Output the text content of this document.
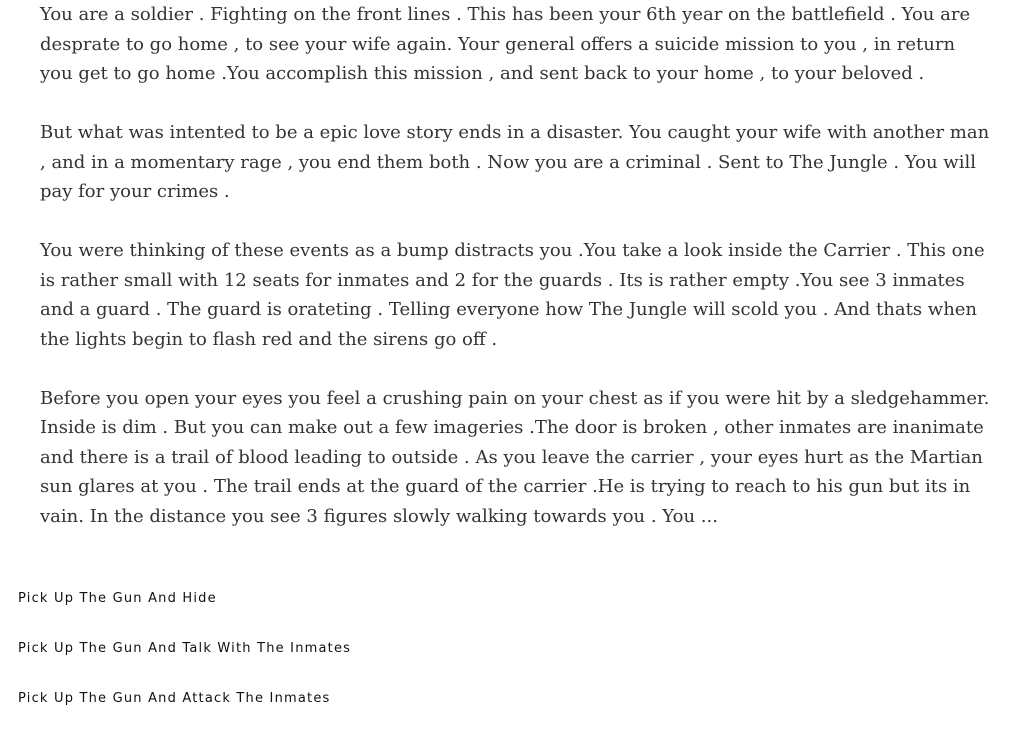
You are a soldier . Fighting on the front lines . This has been your 6th year on the battlefield . You are desprate to go home , to see your wife again. Your general offers a suicide mission to you , in return you get to go home .You accomplish this mission , and sent back to your home , to your beloved .

But what was intented to be a epic love story ends in a disaster. You caught your wife with another man , and in a momentary rage , you end them both . Now you are a criminal . Sent to The Jungle . You will pay for your crimes .

You were thinking of these events as a bump distracts you .You take a look inside the Carrier . This one is rather small with 12 seats for inmates and 2 for the guards . Its is rather empty .You see 3 inmates and a guard . The guard is orateting . Telling everyone how The Jungle will scold you . And thats when the lights begin to flash red and the sirens go off .

Before you open your eyes you feel a crushing pain on your chest as if you were hit by a sledgehammer. Inside is dim . But you can make out a few imageries .The door is broken , other inmates are inanimate and there is a trail of blood leading to outside . As you leave the carrier , your eyes hurt as the Martian sun glares at you . The trail ends at the guard of the carrier .He is trying to reach to his gun but its in vain. In the distance you see 3 figures slowly walking towards you . You ...

Pick Up The Gun And Hide
Pick Up The Gun And Talk With The Inmates
Pick Up The Gun And Attack The Inmates
